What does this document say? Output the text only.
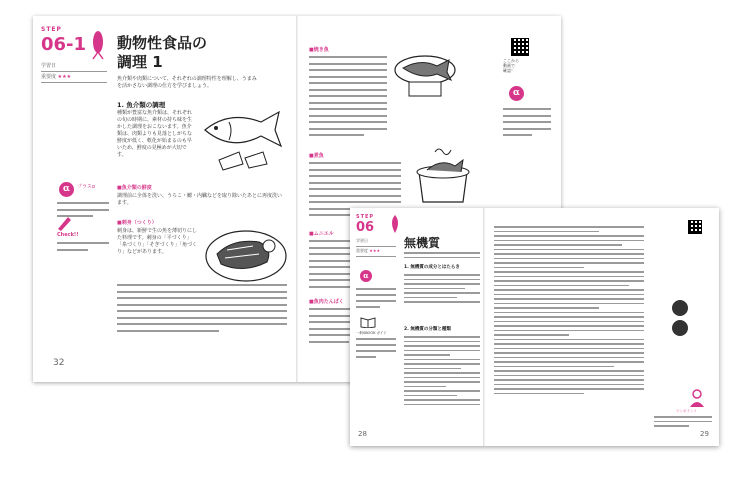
STEP
06-1
学習日
重要度 ★★★
動物性食品の
調理 1
魚介類や肉類について、それぞれの調理特性を理解し、うまみを活かさない調理の仕方を学びましょう。
1. 魚介類の調理
種類が豊富な魚介類は、それぞれの旬の時期に、素材の持ち味を生かした調理をおこないます。魚介類は、肉類よりも見落としがちな鮮度が低く、軟化が始まるのも早いため、鮮度の見極めが大切です。
α	プラスα
Check!!
■魚介類の鮮度
調理前に全体を洗い、うろこ・鰓・内臓などを取り除いたあとに再度洗います。
■刺身（つくり）
刺身は、新鮮で生の魚を薄切りにした料理です。刺身の「平づくり」「糸づくり」「そぎづくり」「角づくり」などがあります。
32
■焼き魚
■煮魚
■ムニエル
■魚肉たんぱく
ここから
動画で
確認！
α
STEP
06
学習日
重要度 ★★★
α
一般SBOOK ガイド
無機質
1. 無機質の成分とはたらき
2. 無機質の分類と種類
28
ワンポイント
29
